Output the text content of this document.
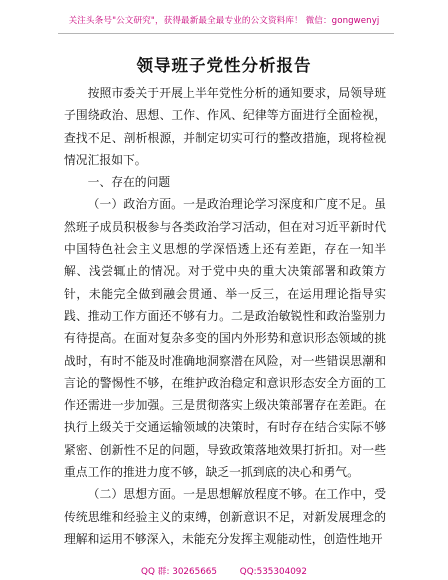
关注头条号"公文研究"，获得最新最全最专业的公文资料库！ 微信：gongwenyj
领导班子党性分析报告

按照市委关于开展上半年党性分析的通知要求，局领导班子围绕政治、思想、工作、作风、纪律等方面进行全面检视，查找不足、剖析根源，并制定切实可行的整改措施，现将检视情况汇报如下。

一、存在的问题

（一）政治方面。一是政治理论学习深度和广度不足。虽然班子成员积极参与各类政治学习活动，但在对习近平新时代中国特色社会主义思想的学深悟透上还有差距，存在一知半解、浅尝辄止的情况。对于党中央的重大决策部署和政策方针，未能完全做到融会贯通、举一反三，在运用理论指导实践、推动工作方面还不够有力。二是政治敏锐性和政治鉴别力有待提高。在面对复杂多变的国内外形势和意识形态领域的挑战时，有时不能及时准确地洞察潜在风险，对一些错误思潮和言论的警惕性不够，在维护政治稳定和意识形态安全方面的工作还需进一步加强。三是贯彻落实上级决策部署存在差距。在执行上级关于交通运输领域的决策时，有时存在结合实际不够紧密、创新性不足的问题，导致政策落地效果打折扣。对一些重点工作的推进力度不够，缺乏一抓到底的决心和勇气。

（二）思想方面。一是思想解放程度不够。在工作中，受传统思维和经验主义的束缚，创新意识不足，对新发展理念的理解和运用不够深入，未能充分发挥主观能动性，创造性地开

QQ 群: 30265665	QQ:535304092
